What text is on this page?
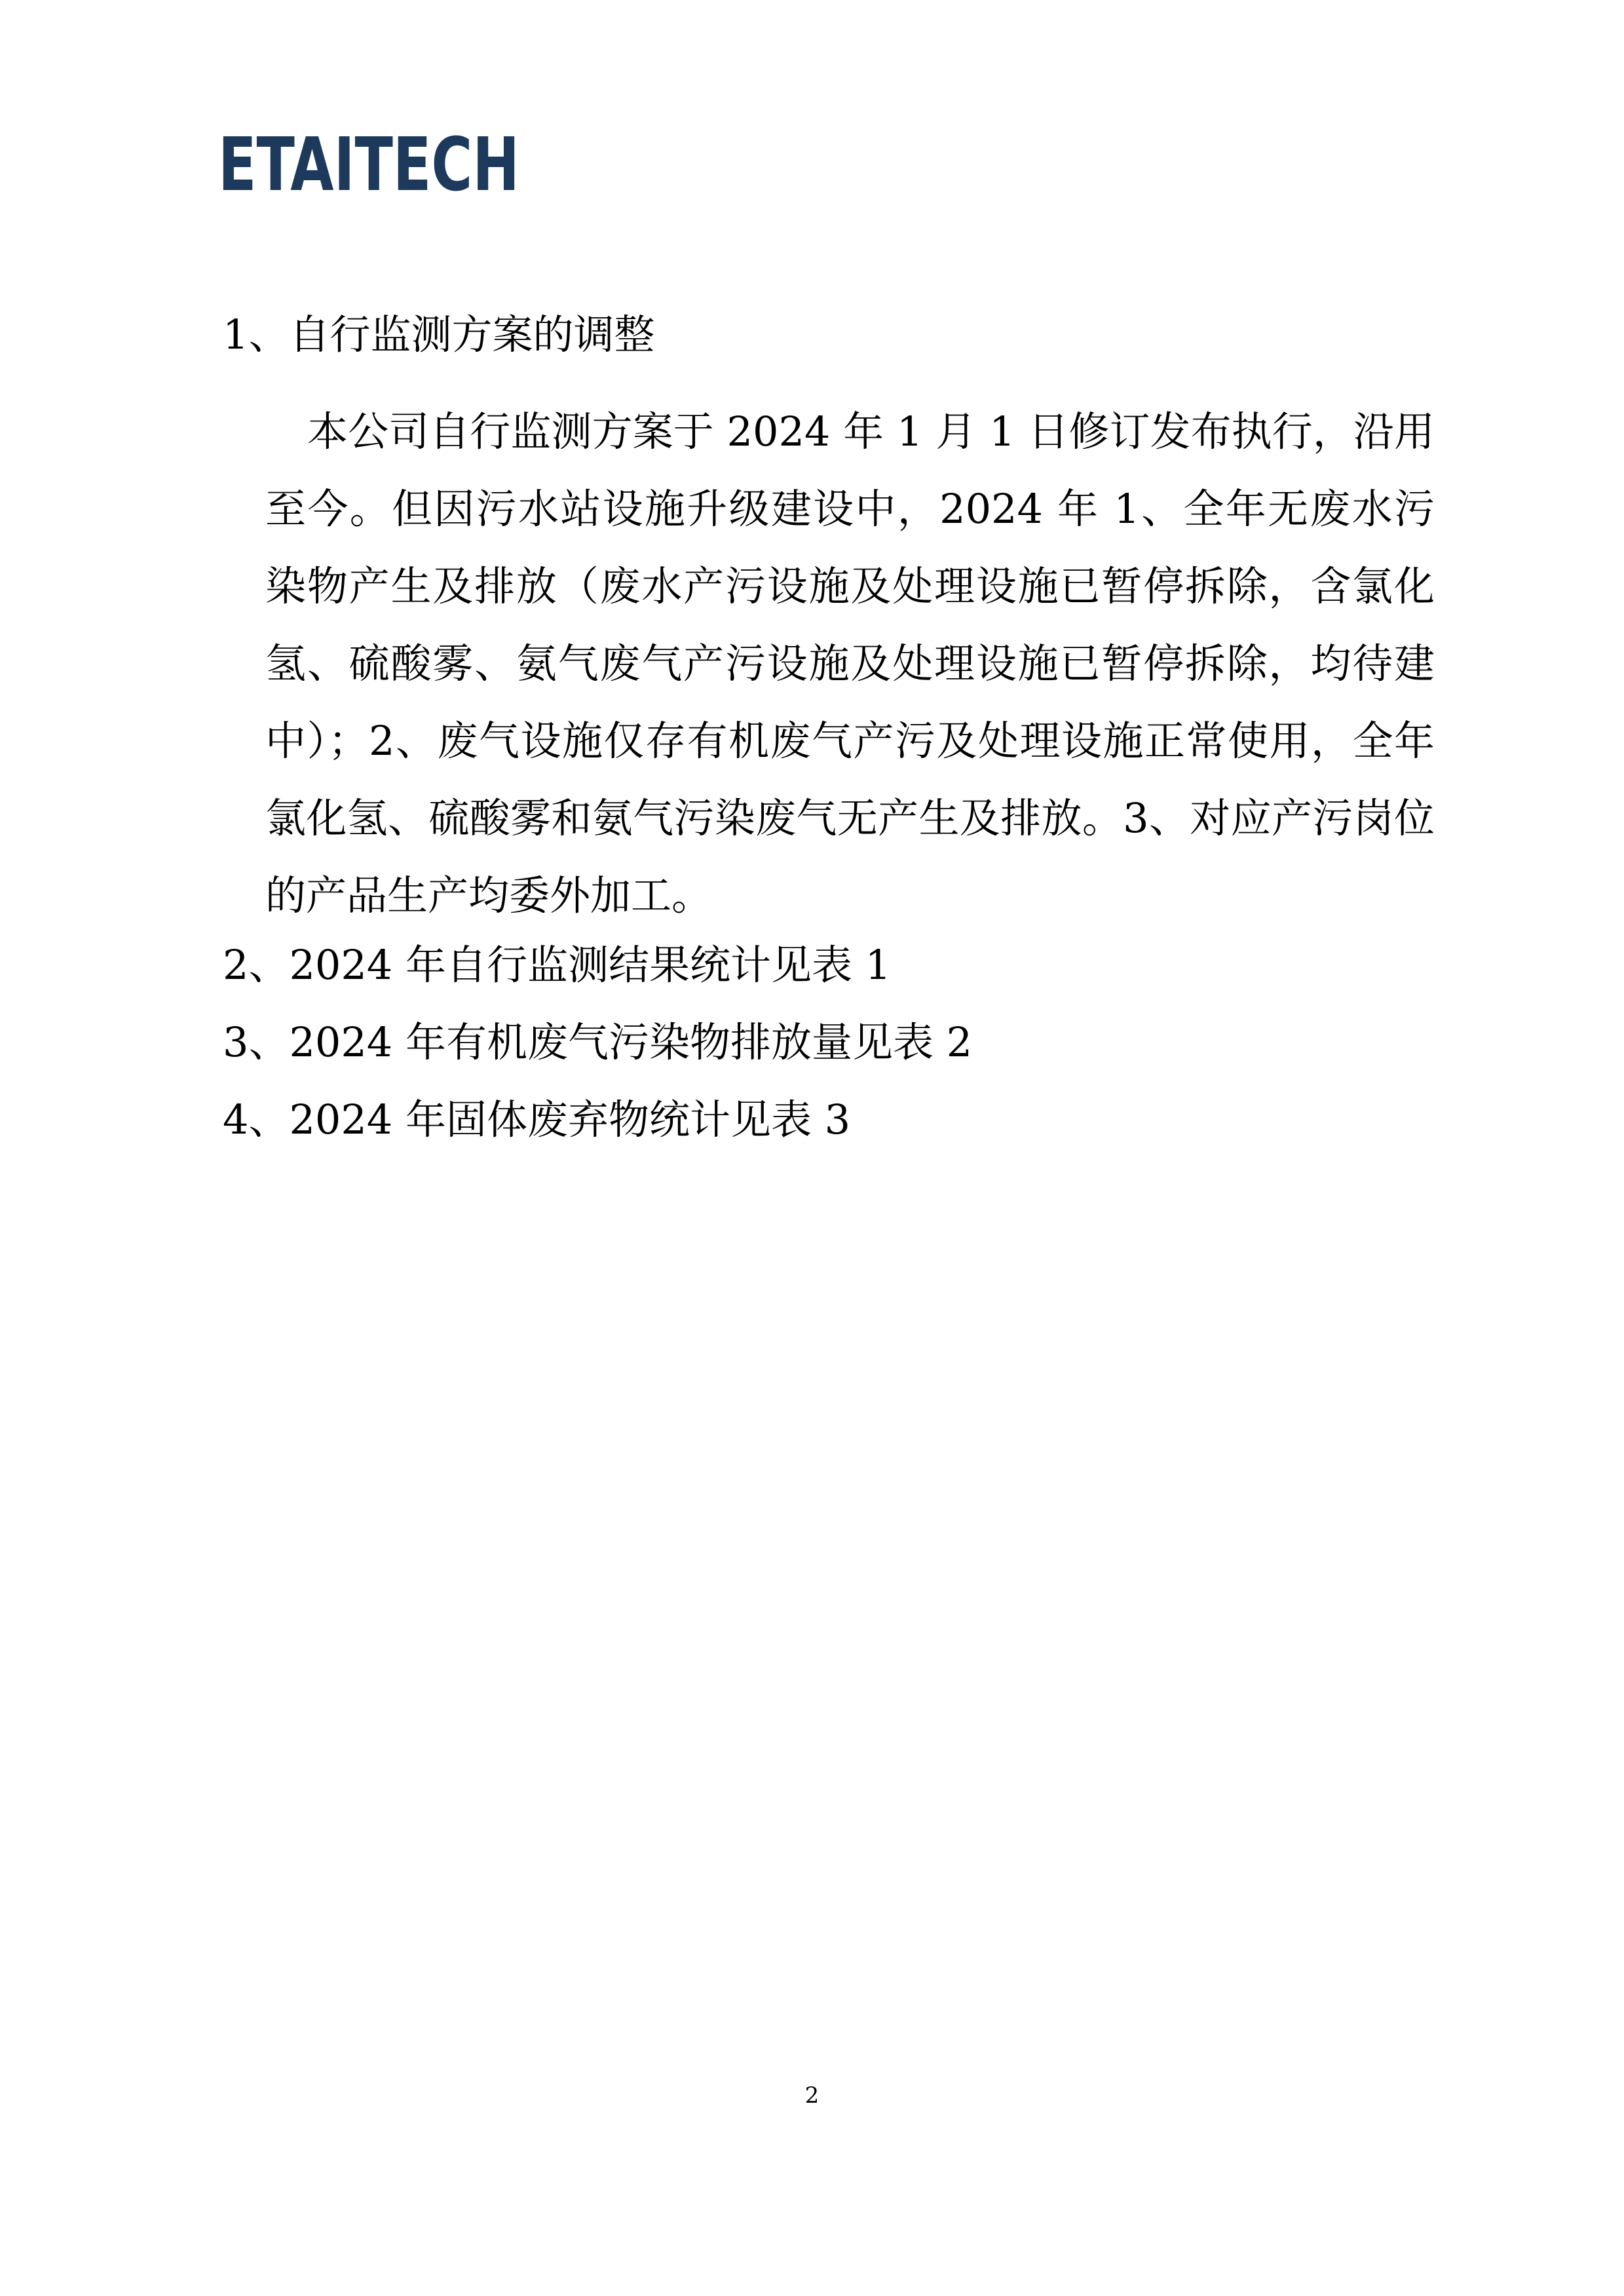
ETAITECH
1、自行监测方案的调整

本公司自行监测方案于 2024 年 1 月 1 日修订发布执行，沿用至今。但因污水站设施升级建设中，2024 年 1、全年无废水污染物产生及排放（废水产污设施及处理设施已暂停拆除，含氯化氢、硫酸雾、氨气废气产污设施及处理设施已暂停拆除，均待建中）；2、废气设施仅存有机废气产污及处理设施正常使用，全年氯化氢、硫酸雾和氨气污染废气无产生及排放。3、对应产污岗位的产品生产均委外加工。

2、2024 年自行监测结果统计见表 1

3、2024 年有机废气污染物排放量见表 2

4、2024 年固体废弃物统计见表 3

2
